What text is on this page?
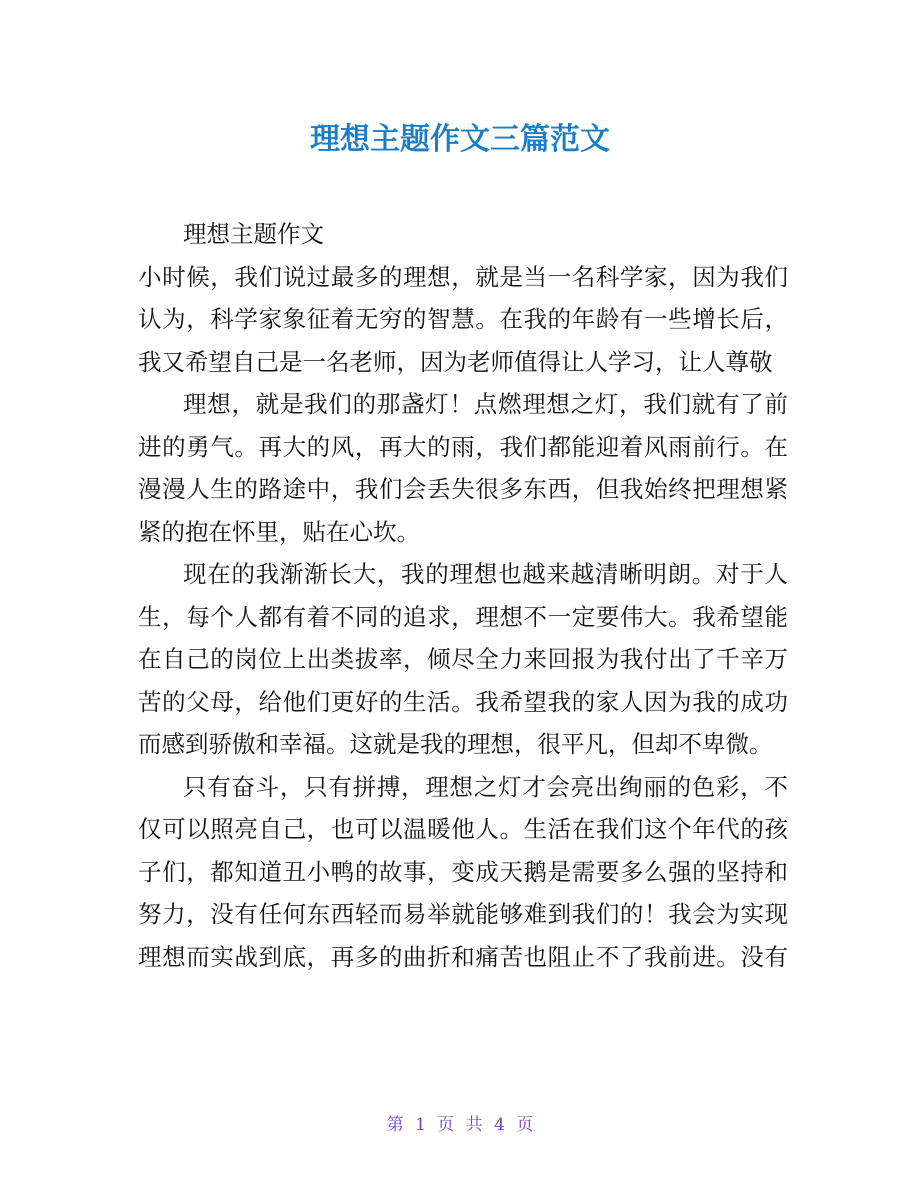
理想主题作文三篇范文
理想主题作文
小时候，我们说过最多的理想，就是当一名科学家，因为我们
认为，科学家象征着无穷的智慧。在我的年龄有一些增长后，
我又希望自己是一名老师，因为老师值得让人学习，让人尊敬
理想，就是我们的那盏灯！点燃理想之灯，我们就有了前
进的勇气。再大的风，再大的雨，我们都能迎着风雨前行。在
漫漫人生的路途中，我们会丢失很多东西，但我始终把理想紧
紧的抱在怀里，贴在心坎。
现在的我渐渐长大，我的理想也越来越清晰明朗。对于人
生，每个人都有着不同的追求，理想不一定要伟大。我希望能
在自己的岗位上出类拔率，倾尽全力来回报为我付出了千辛万
苦的父母，给他们更好的生活。我希望我的家人因为我的成功
而感到骄傲和幸福。这就是我的理想，很平凡，但却不卑微。
只有奋斗，只有拼搏，理想之灯才会亮出绚丽的色彩，不
仅可以照亮自己，也可以温暖他人。生活在我们这个年代的孩
子们，都知道丑小鸭的故事，变成天鹅是需要多么强的坚持和
努力，没有任何东西轻而易举就能够难到我们的！我会为实现
理想而实战到底，再多的曲折和痛苦也阻止不了我前进。没有
第 1 页 共 4 页
